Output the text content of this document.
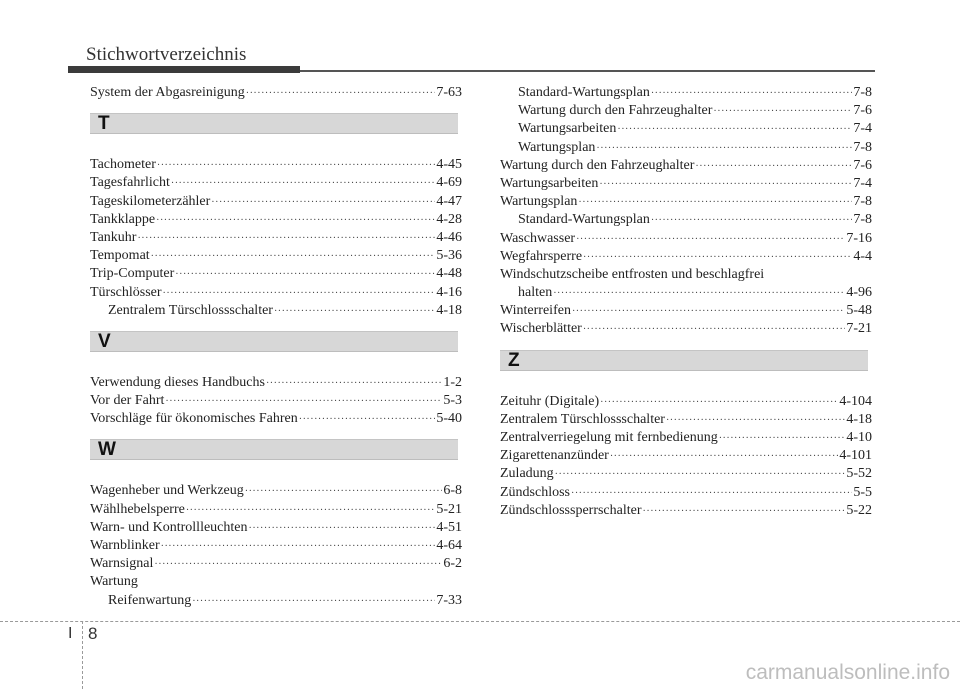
Stichwortverzeichnis
System der Abgasreinigung ·····	7-63
T
Tachometer ·····	4-45
Tagesfahrlicht ·····	4-69
Tageskilometerzähler ·····	4-47
Tankklappe ·····	4-28
Tankuhr ·····	4-46
Tempomat ·····	5-36
Trip-Computer ·····	4-48
Türschlösser ·····	4-16
Zentralem Türschlossschalter ·····	4-18
V
Verwendung dieses Handbuchs ·····	1-2
Vor der Fahrt ·····	5-3
Vorschläge für ökonomisches Fahren ·····	5-40
W
Wagenheber und Werkzeug ·····	6-8
Wählhebelsperre ·····	5-21
Warn- und Kontrollleuchten ·····	4-51
Warnblinker ·····	4-64
Warnsignal ·····	6-2
Wartung
Reifenwartung ·····	7-33
Standard-Wartungsplan ·····	7-8
Wartung durch den Fahrzeughalter ·····	7-6
Wartungsarbeiten ·····	7-4
Wartungsplan ·····	7-8
Wartung durch den Fahrzeughalter ·····	7-6
Wartungsarbeiten ·····	7-4
Wartungsplan ·····	7-8
Standard-Wartungsplan ·····	7-8
Waschwasser ·····	7-16
Wegfahrsperre ·····	4-4
Windschutzscheibe entfrosten und beschlagfrei
halten ·····	4-96
Winterreifen ·····	5-48
Wischerblätter ·····	7-21
Z
Zeituhr (Digitale) ·····	4-104
Zentralem Türschlossschalter ·····	4-18
Zentralverriegelung mit fernbedienung ·····	4-10
Zigarettenanzünder ·····	4-101
Zuladung ·····	5-52
Zündschloss ·····	5-5
Zündschlosssperrschalter ·····	5-22
I 8
carmanualsonline.info
